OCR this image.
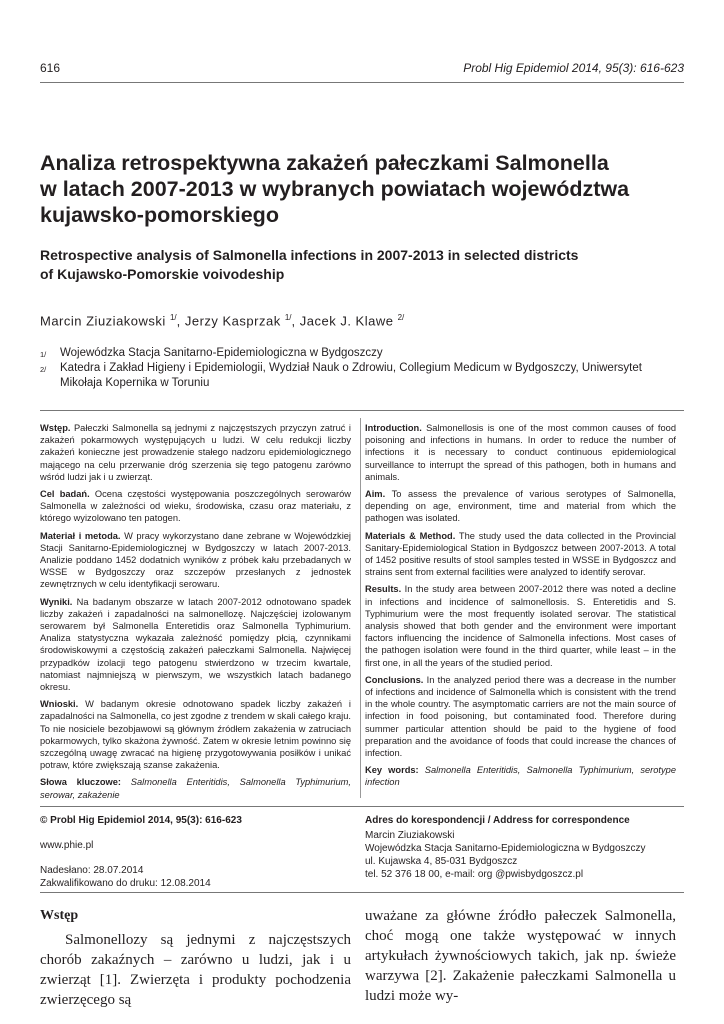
616	Probl Hig Epidemiol 2014, 95(3): 616-623
Analiza retrospektywna zakażeń pałeczkami Salmonella
w latach 2007-2013 w wybranych powiatach województwa
kujawsko-pomorskiego
Retrospective analysis of Salmonella infections in 2007-2013 in selected districts
of Kujawsko-Pomorskie voivodeship
Marcin Ziuziakowski $^{1/}$, Jerzy Kasprzak $^{1/}$, Jacek J. Klawe $^{2/}$
1/ Wojewódzka Stacja Sanitarno-Epidemiologiczna w Bydgoszczy
2/ Katedra i Zakład Higieny i Epidemiologii, Wydział Nauk o Zdrowiu, Collegium Medicum w Bydgoszczy, Uniwersytet Mikołaja Kopernika w Toruniu

Wstęp. Pałeczki Salmonella są jednymi z najczęstszych przyczyn zatruć i zakażeń pokarmowych występujących u ludzi. W celu redukcji liczby zakażeń konieczne jest prowadzenie stałego nadzoru epidemiologicznego mającego na celu przerwanie dróg szerzenia się tego patogenu zarówno wśród ludzi jak i u zwierząt.

Cel badań. Ocena częstości występowania poszczególnych serowarów Salmonella w zależności od wieku, środowiska, czasu oraz materiału, z którego wyizolowano ten patogen.

Materiał i metoda. W pracy wykorzystano dane zebrane w Wojewódzkiej Stacji Sanitarno-Epidemiologicznej w Bydgoszczy w latach 2007-2013. Analizie poddano 1452 dodatnich wyników z próbek kału przebadanych w WSSE w Bydgoszczy oraz szczepów przesłanych z jednostek zewnętrznych w celu identyfikacji serowaru.

Wyniki. Na badanym obszarze w latach 2007-2012 odnotowano spadek liczby zakażeń i zapadalności na salmonellozę. Najczęściej izolowanym serowarem był Salmonella Enteretidis oraz Salmonella Typhimurium. Analiza statystyczna wykazała zależność pomiędzy płcią, czynnikami środowiskowymi a częstością zakażeń pałeczkami Salmonella. Najwięcej przypadków izolacji tego patogenu stwierdzono w trzecim kwartale, natomiast najmniejszą w pierwszym, we wszystkich latach badanego okresu.

Wnioski. W badanym okresie odnotowano spadek liczby zakażeń i zapadalności na Salmonella, co jest zgodne z trendem w skali całego kraju. To nie nosiciele bezobjawowi są głównym źródłem zakażenia w zatruciach pokarmowych, tylko skażona żywność. Zatem w okresie letnim powinno się szczególną uwagę zwracać na higienę przygotowywania posiłków i unikać potraw, które zwiększają szanse zakażenia.

Słowa kluczowe: Salmonella Enteritidis, Salmonella Typhimurium, serowar, zakażenie

Introduction. Salmonellosis is one of the most common causes of food poisoning and infections in humans. In order to reduce the number of infections it is necessary to conduct continuous epidemiological surveillance to interrupt the spread of this pathogen, both in humans and animals.

Aim. To assess the prevalence of various serotypes of Salmonella, depending on age, environment, time and material from which the pathogen was isolated.

Materials & Method. The study used the data collected in the Provincial Sanitary-Epidemiological Station in Bydgoszcz between 2007-2013. A total of 1452 positive results of stool samples tested in WSSE in Bydgoszcz and strains sent from external facilities were analyzed to identify serovar.

Results. In the study area between 2007-2012 there was noted a decline in infections and incidence of salmonellosis. S. Enteretidis and S. Typhimurium were the most frequently isolated serovar. The statistical analysis showed that both gender and the environment were important factors influencing the incidence of Salmonella infections. Most cases of the pathogen isolation were found in the third quarter, while least – in the first one, in all the years of the studied period.

Conclusions. In the analyzed period there was a decrease in the number of infections and incidence of Salmonella which is consistent with the trend in the whole country. The asymptomatic carriers are not the main source of infection in food poisoning, but contaminated food. Therefore during summer particular attention should be paid to the hygiene of food preparation and the avoidance of foods that could increase the chances of infection.

Key words: Salmonella Enteritidis, Salmonella Typhimurium, serotype infection

© Probl Hig Epidemiol 2014, 95(3): 616-623
www.phie.pl
Nadesłano: 28.07.2014
Zakwalifikowano do druku: 12.08.2014
Adres do korespondencji / Address for correspondence
Marcin Ziuziakowski
Wojewódzka Stacja Sanitarno-Epidemiologiczna w Bydgoszczy
ul. Kujawska 4, 85-031 Bydgoszcz
tel. 52 376 18 00, e-mail: org @pwisbydgoszcz.pl
Wstęp
Salmonellozy są jednymi z najczęstszych chorób zakaźnych – zarówno u ludzi, jak i u zwierząt [1]. Zwierzęta i produkty pochodzenia zwierzęcego są
uważane za główne źródło pałeczek Salmonella, choć mogą one także występować w innych artykułach żywnościowych takich, jak np. świeże warzywa [2]. Zakażenie pałeczkami Salmonella u ludzi może wy-
